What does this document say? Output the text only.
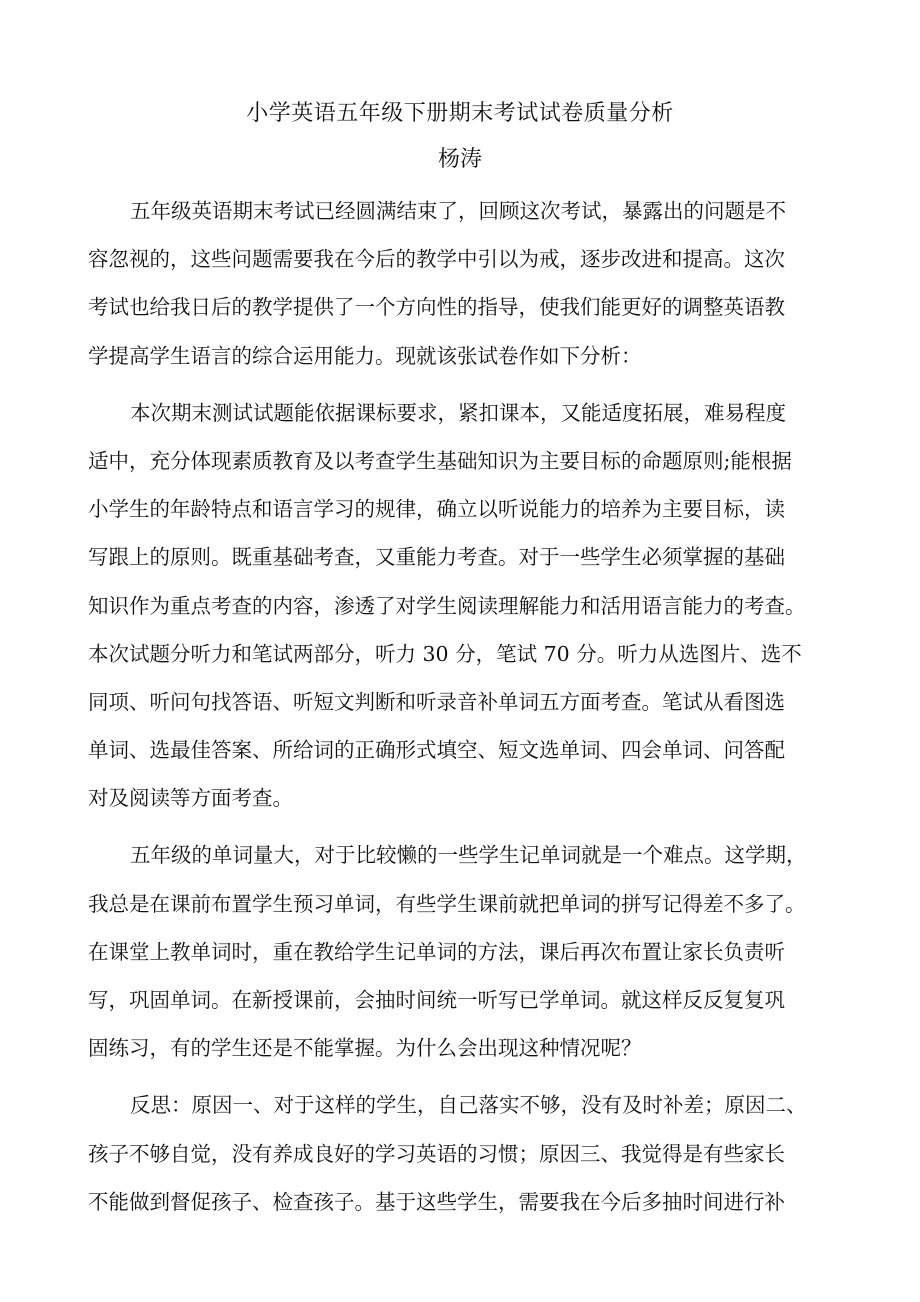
小学英语五年级下册期末考试试卷质量分析
杨涛
五年级英语期末考试已经圆满结束了，回顾这次考试，暴露出的问题是不
容忽视的，这些问题需要我在今后的教学中引以为戒，逐步改进和提高。这次
考试也给我日后的教学提供了一个方向性的指导，使我们能更好的调整英语教
学提高学生语言的综合运用能力。现就该张试卷作如下分析：
本次期末测试试题能依据课标要求，紧扣课本，又能适度拓展，难易程度
适中，充分体现素质教育及以考查学生基础知识为主要目标的命题原则;能根据
小学生的年龄特点和语言学习的规律，确立以听说能力的培养为主要目标，读
写跟上的原则。既重基础考查，又重能力考查。对于一些学生必须掌握的基础
知识作为重点考查的内容，渗透了对学生阅读理解能力和活用语言能力的考查。
本次试题分听力和笔试两部分，听力 30 分，笔试 70 分。听力从选图片、选不
同项、听问句找答语、听短文判断和听录音补单词五方面考查。笔试从看图选
单词、选最佳答案、所给词的正确形式填空、短文选单词、四会单词、问答配
对及阅读等方面考查。
五年级的单词量大，对于比较懒的一些学生记单词就是一个难点。这学期，
我总是在课前布置学生预习单词，有些学生课前就把单词的拼写记得差不多了。
在课堂上教单词时，重在教给学生记单词的方法，课后再次布置让家长负责听
写，巩固单词。在新授课前，会抽时间统一听写已学单词。就这样反反复复巩
固练习，有的学生还是不能掌握。为什么会出现这种情况呢？
反思：原因一、对于这样的学生，自己落实不够，没有及时补差；原因二、
孩子不够自觉，没有养成良好的学习英语的习惯；原因三、我觉得是有些家长
不能做到督促孩子、检查孩子。基于这些学生，需要我在今后多抽时间进行补
